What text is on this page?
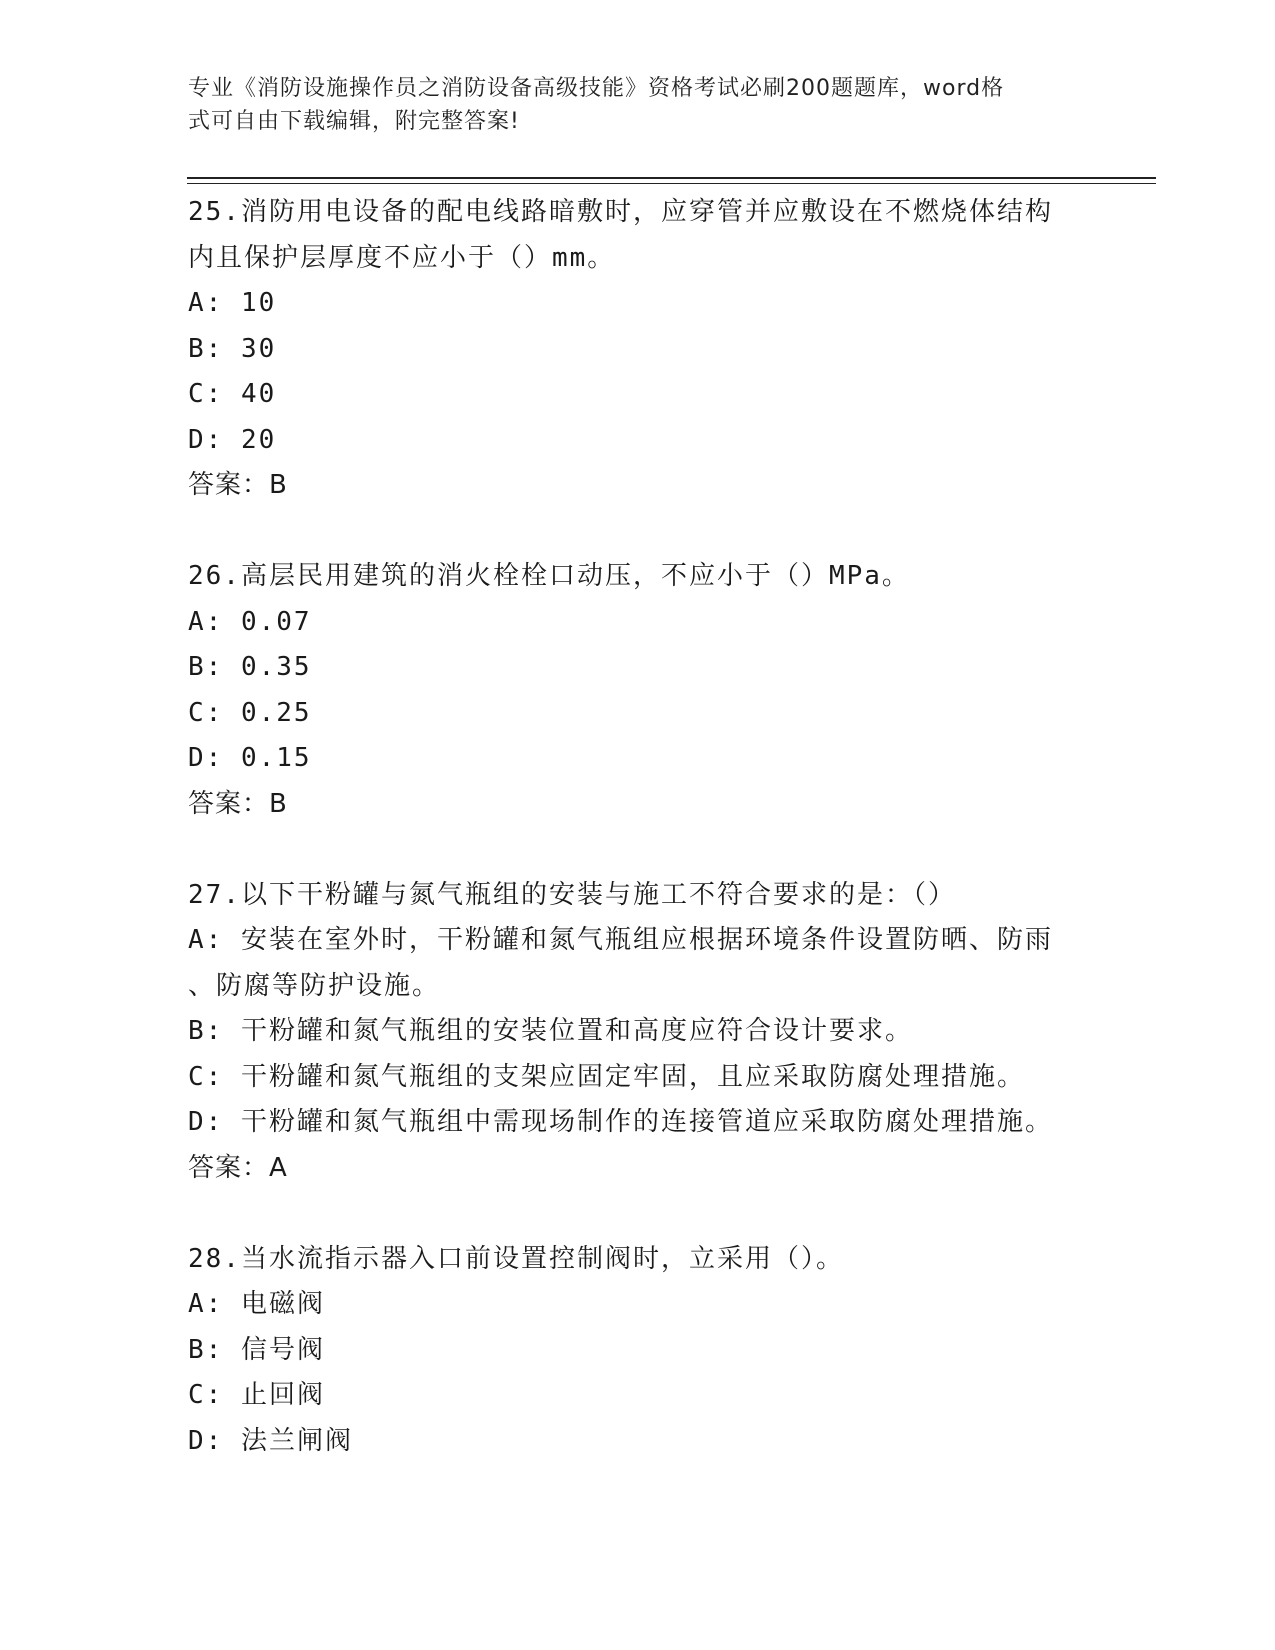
专业《消防设施操作员之消防设备高级技能》资格考试必刷200题题库，word格
式可自由下载编辑，附完整答案!
25.消防用电设备的配电线路暗敷时，应穿管并应敷设在不燃烧体结构
内且保护层厚度不应小于（）mm。
A: 10
B: 30
C: 40
D: 20
答案：B
26.高层民用建筑的消火栓栓口动压，不应小于（）MPa。
A: 0.07
B: 0.35
C: 0.25
D: 0.15
答案：B
27.以下干粉罐与氮气瓶组的安装与施工不符合要求的是：（）
A: 安装在室外时，干粉罐和氮气瓶组应根据环境条件设置防晒、防雨
、防腐等防护设施。
B: 干粉罐和氮气瓶组的安装位置和高度应符合设计要求。
C: 干粉罐和氮气瓶组的支架应固定牢固，且应采取防腐处理措施。
D: 干粉罐和氮气瓶组中需现场制作的连接管道应采取防腐处理措施。
答案：A
28.当水流指示器入口前设置控制阀时，立采用（）。
A: 电磁阀
B: 信号阀
C: 止回阀
D: 法兰闸阀
